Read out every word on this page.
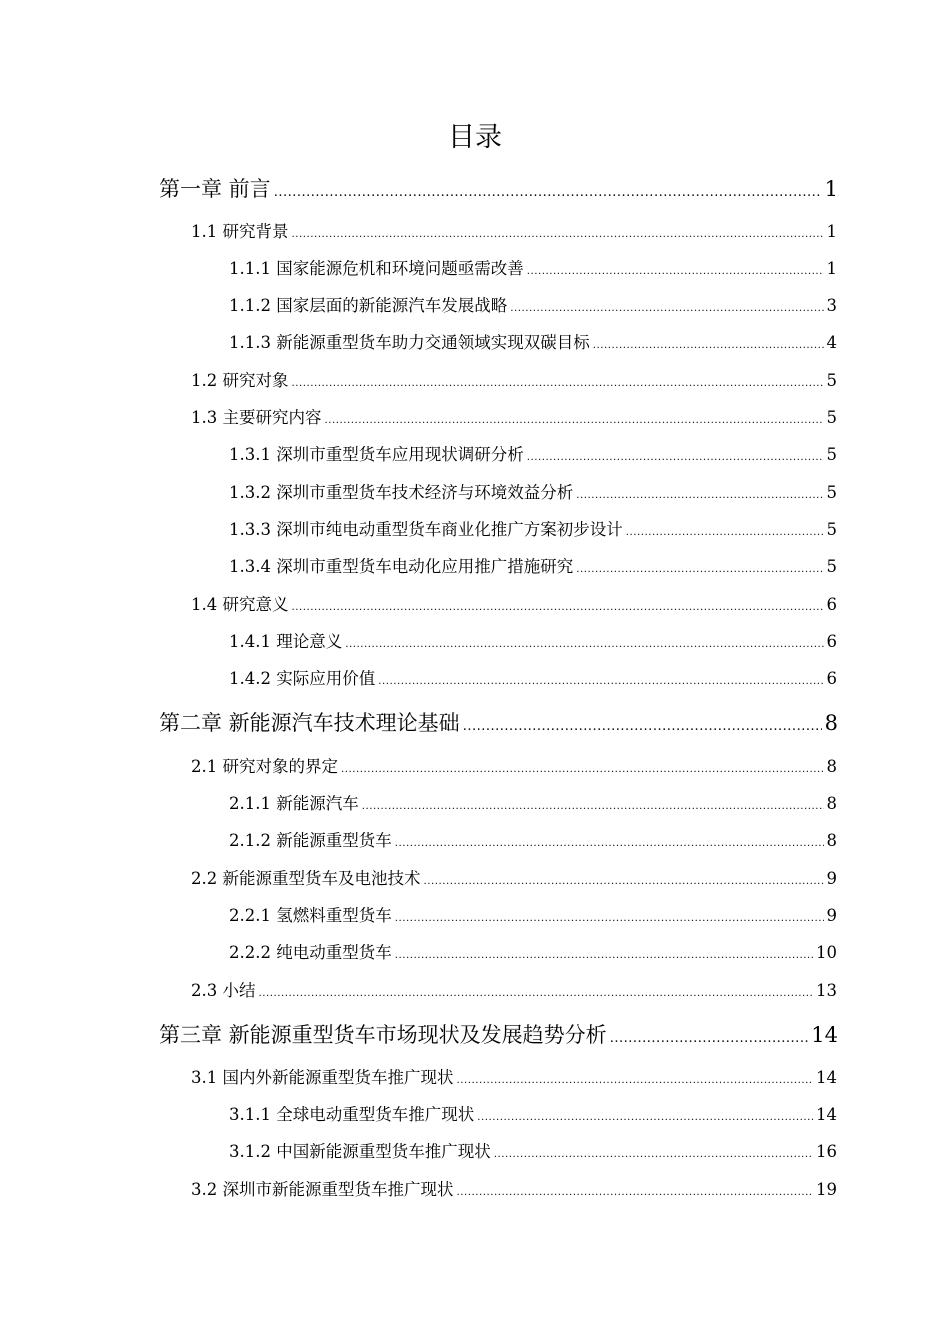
目录
第一章 前言 .....	1
1.1 研究背景 .....	1
1.1.1 国家能源危机和环境问题亟需改善 .....	1
1.1.2 国家层面的新能源汽车发展战略 .....	3
1.1.3 新能源重型货车助力交通领域实现双碳目标 .....	4
1.2 研究对象 .....	5
1.3 主要研究内容 .....	5
1.3.1 深圳市重型货车应用现状调研分析 .....	5
1.3.2 深圳市重型货车技术经济与环境效益分析 .....	5
1.3.3 深圳市纯电动重型货车商业化推广方案初步设计 .....	5
1.3.4 深圳市重型货车电动化应用推广措施研究 .....	5
1.4 研究意义 .....	6
1.4.1 理论意义 .....	6
1.4.2 实际应用价值 .....	6
第二章 新能源汽车技术理论基础 .....	8
2.1 研究对象的界定 .....	8
2.1.1 新能源汽车 .....	8
2.1.2 新能源重型货车 .....	8
2.2 新能源重型货车及电池技术 .....	9
2.2.1 氢燃料重型货车 .....	9
2.2.2 纯电动重型货车 .....	10
2.3 小结 .....	13
第三章 新能源重型货车市场现状及发展趋势分析 .....	14
3.1 国内外新能源重型货车推广现状 .....	14
3.1.1 全球电动重型货车推广现状 .....	14
3.1.2 中国新能源重型货车推广现状 .....	16
3.2 深圳市新能源重型货车推广现状 .....	19
